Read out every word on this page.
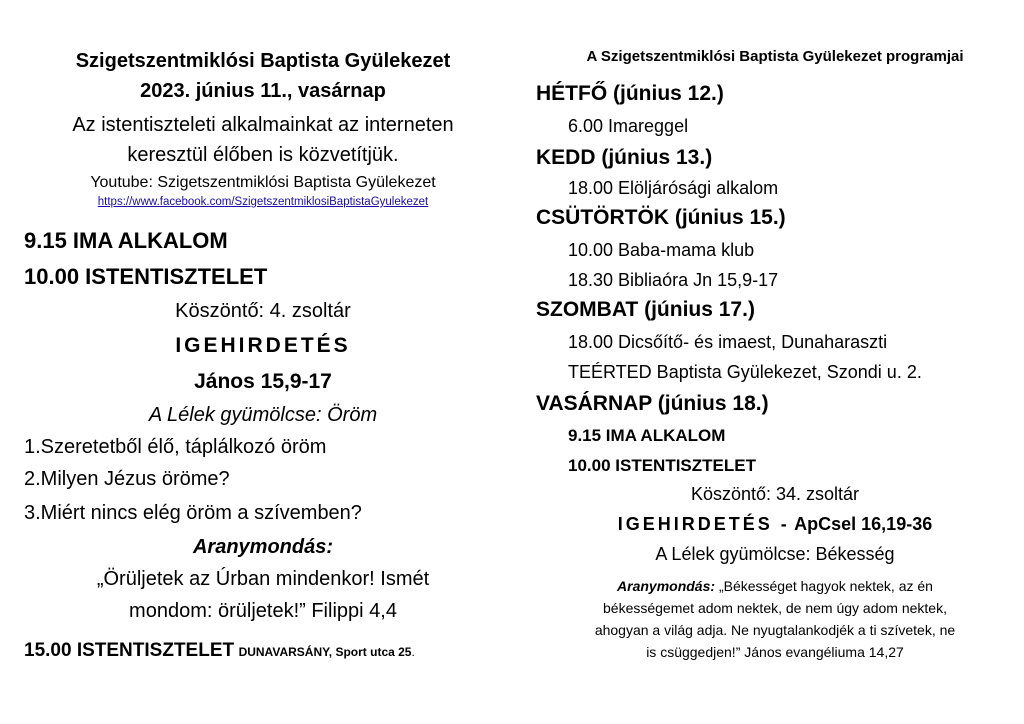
Szigetszentmiklósi Baptista Gyülekezet
2023. június 11., vasárnap
Az istentiszteleti alkalmainkat az interneten
keresztül élőben is közvetítjük.
Youtube: Szigetszentmiklósi Baptista Gyülekezet
https://www.facebook.com/SzigetszentmiklosiBaptistaGyulekezet
9.15 IMA ALKALOM
10.00 ISTENTISZTELET
Köszöntő: 4. zsoltár
IGEHIRDETÉS
János 15,9-17
A Lélek gyümölcse: Öröm
1.Szeretetből élő, táplálkozó öröm
2.Milyen Jézus öröme?
3.Miért nincs elég öröm a szívemben?
Aranymondás:
„Örüljetek az Úrban mindenkor! Ismét
mondom: örüljetek!” Filippi 4,4
15.00 ISTENTISZTELET DUNAVARSÁNY, Sport utca 25.
A Szigetszentmiklósi Baptista Gyülekezet programjai
HÉTFŐ (június 12.)
6.00 Imareggel
KEDD (június 13.)
18.00 Elöljárósági alkalom
CSÜTÖRTÖK (június 15.)
10.00 Baba-mama klub
18.30 Bibliaóra Jn 15,9-17
SZOMBAT (június 17.)
18.00 Dicsőítő- és imaest, Dunaharaszti
TEÉRTED Baptista Gyülekezet, Szondi u. 2.
VASÁRNAP (június 18.)
9.15 IMA ALKALOM
10.00 ISTENTISZTELET
Köszöntő: 34. zsoltár
IGEHIRDETÉS - ApCsel 16,19-36
A Lélek gyümölcse: Békesség
Aranymondás: „Békességet hagyok nektek, az én
békességemet adom nektek, de nem úgy adom nektek,
ahogyan a világ adja. Ne nyugtalankodjék a ti szívetek, ne
is csüggedjen!” János evangéliuma 14,27
